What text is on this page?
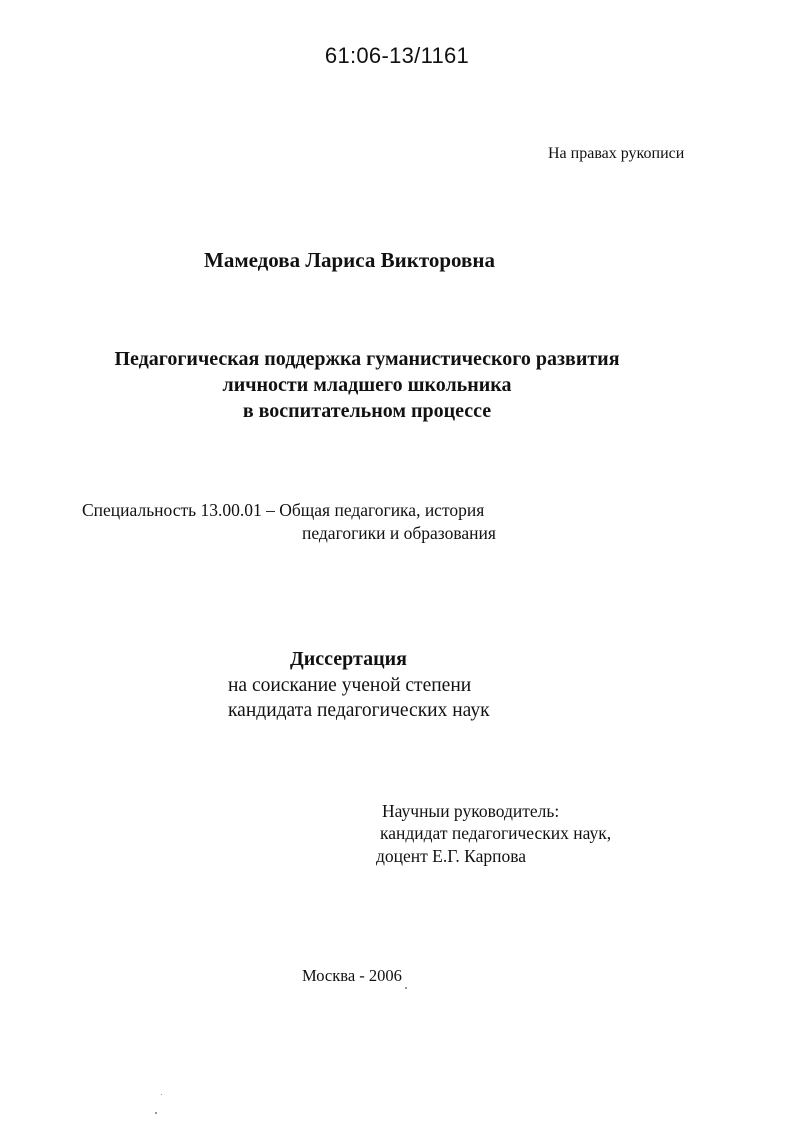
61:06-13/1161
На правах рукописи
Мамедова Лариса Викторовна
Педагогическая поддержка гуманистического развития
личности младшего школьника
в воспитательном процессе
Специальность 13.00.01 – Общая педагогика, история
педагогики и образования
Диссертация
на соискание ученой степени
кандидата педагогических наук
Научныи руководитель:
кандидат педагогических наук,
доцент Е.Г. Карпова
Москва - 2006
